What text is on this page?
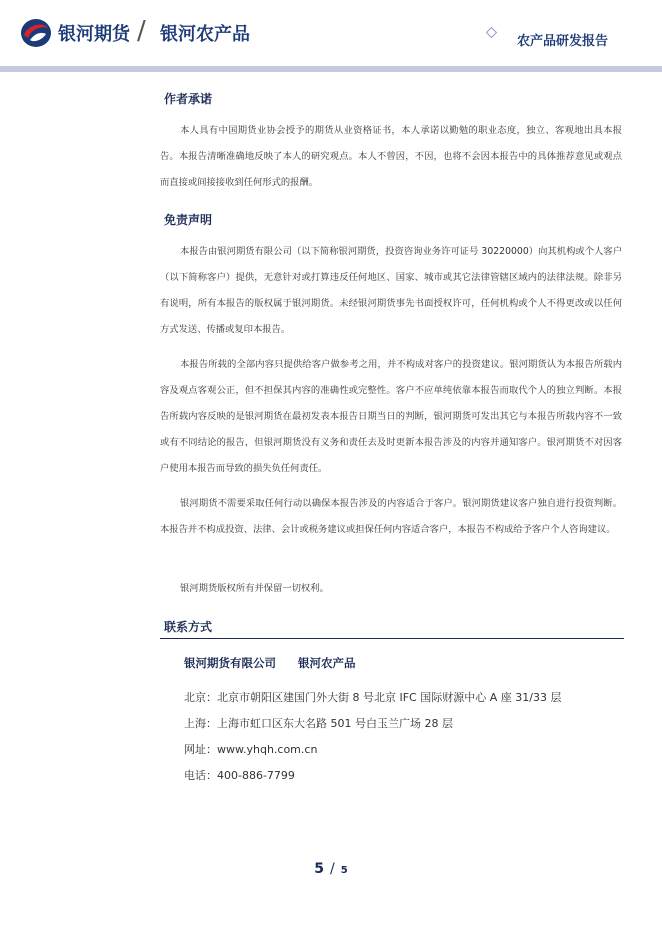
银河期货 / 银河农产品	农产品研发报告
作者承诺

本人具有中国期货业协会授予的期货从业资格证书，本人承诺以勤勉的职业态度，独立、客观地出具本报告。本报告清晰准确地反映了本人的研究观点。本人不曾因，不因，也将不会因本报告中的具体推荐意见或观点而直接或间接接收到任何形式的报酬。

免责声明

本报告由银河期货有限公司（以下简称银河期货，投资咨询业务许可证号 30220000）向其机构或个人客户（以下简称客户）提供，无意针对或打算违反任何地区、国家、城市或其它法律管辖区域内的法律法规。除非另有说明，所有本报告的版权属于银河期货。未经银河期货事先书面授权许可，任何机构或个人不得更改或以任何方式发送、传播或复印本报告。

本报告所载的全部内容只提供给客户做参考之用，并不构成对客户的投资建议。银河期货认为本报告所载内容及观点客观公正，但不担保其内容的准确性或完整性。客户不应单纯依靠本报告而取代个人的独立判断。本报告所载内容反映的是银河期货在最初发表本报告日期当日的判断，银河期货可发出其它与本报告所载内容不一致或有不同结论的报告，但银河期货没有义务和责任去及时更新本报告涉及的内容并通知客户。银河期货不对因客户使用本报告而导致的损失负任何责任。

银河期货不需要采取任何行动以确保本报告涉及的内容适合于客户。银河期货建议客户独自进行投资判断。本报告并不构成投资、法律、会计或税务建议或担保任何内容适合客户，本报告不构成给予客户个人咨询建议。

银河期货版权所有并保留一切权利。

联系方式
银河期货有限公司 银河农产品
北京：北京市朝阳区建国门外大街 8 号北京 IFC 国际财源中心 A 座 31/33 层
上海：上海市虹口区东大名路 501 号白玉兰广场 28 层
网址：www.yhqh.com.cn
电话：400-886-7799
5 / 5
